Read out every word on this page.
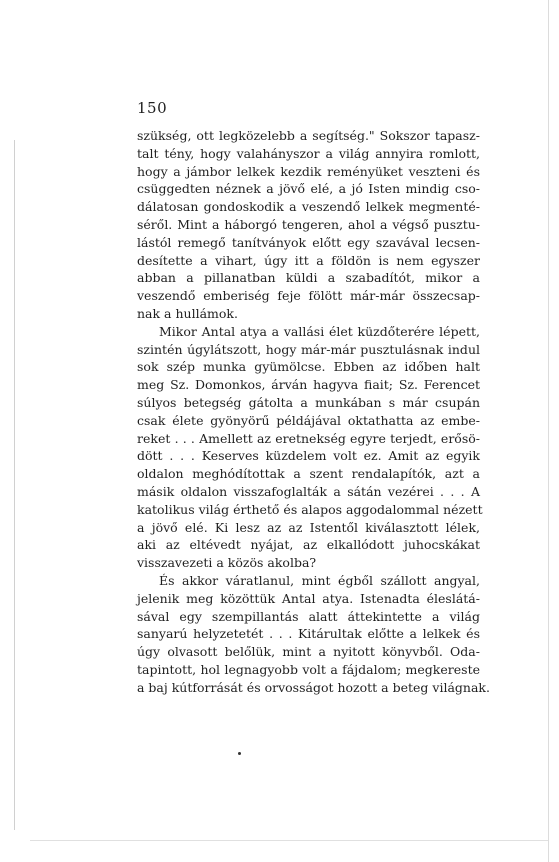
150
szükség, ott legközelebb a segítség." Sokszor tapasz-
talt tény, hogy valahányszor a világ annyira romlott,
hogy a jámbor lelkek kezdik reményüket veszteni és
csüggedten néznek a jövő elé, a jó Isten mindig cso-
dálatosan gondoskodik a veszendő lelkek megmenté-
séről. Mint a háborgó tengeren, ahol a végső pusztu-
lástól remegő tanítványok előtt egy szavával lecsen-
desítette a vihart, úgy itt a földön is nem egyszer
abban a pillanatban küldi a szabadítót, mikor a
veszendő emberiség feje fölött már-már összecsap-
nak a hullámok.
Mikor Antal atya a vallási élet küzdőterére lépett,
szintén úgylátszott, hogy már-már pusztulásnak indul
sok szép munka gyümölcse. Ebben az időben halt
meg Sz. Domonkos, árván hagyva fiait; Sz. Ferencet
súlyos betegség gátolta a munkában s már csupán
csak élete gyönyörű példájával oktathatta az embe-
reket . . . Amellett az eretnekség egyre terjedt, erősö-
dött . . . Keserves küzdelem volt ez. Amit az egyik
oldalon meghódítottak a szent rendalapítók, azt a
másik oldalon visszafoglalták a sátán vezérei . . . A
katolikus világ érthető és alapos aggodalommal nézett
a jövő elé. Ki lesz az az Istentől kiválasztott lélek,
aki az eltévedt nyájat, az elkallódott juhocskákat
visszavezeti a közös akolba?
És akkor váratlanul, mint égből szállott angyal,
jelenik meg közöttük Antal atya. Istenadta éleslátá-
sával egy szempillantás alatt áttekintette a világ
sanyarú helyzetetét . . . Kitárultak előtte a lelkek és
úgy olvasott belőlük, mint a nyitott könyvből. Oda-
tapintott, hol legnagyobb volt a fájdalom; megkereste
a baj kútforrását és orvosságot hozott a beteg világnak.
